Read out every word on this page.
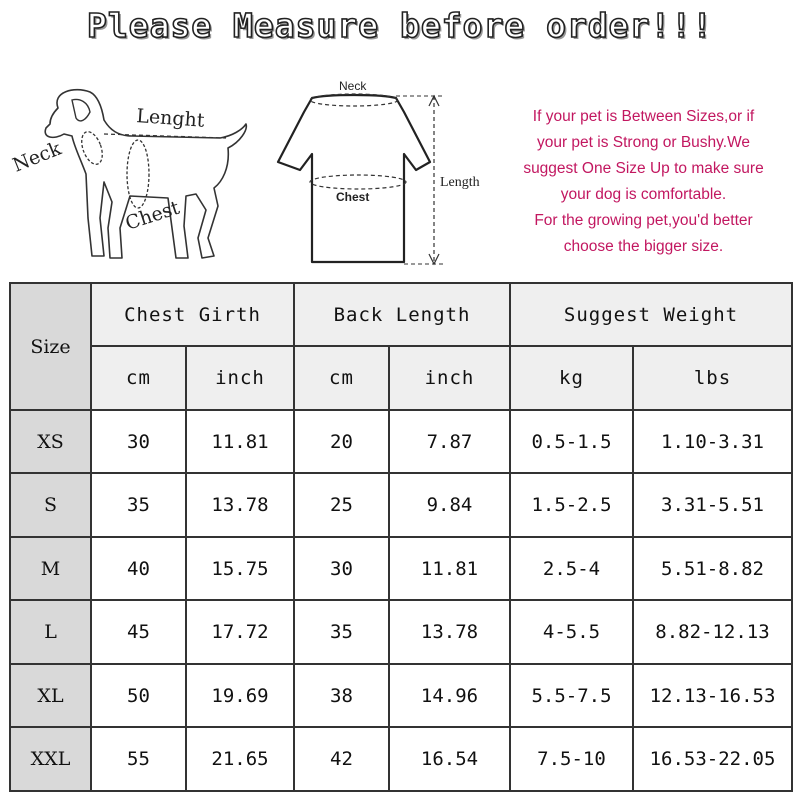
Please Measure before order!!!
Neck
Lenght
Chest
Neck
Chest
Length
If your pet is Between Sizes,or if
your pet is Strong or Bushy.We
suggest One Size Up to make sure
your dog is comfortable.
For the growing pet,you'd better
choose the bigger size.
Size	Chest Girth		Back Length		Suggest Weight	
	cm	inch	cm	inch	kg	lbs
XS	30	11.81	20	7.87	0.5-1.5	1.10-3.31
S	35	13.78	25	9.84	1.5-2.5	3.31-5.51
M	40	15.75	30	11.81	2.5-4	5.51-8.82
L	45	17.72	35	13.78	4-5.5	8.82-12.13
XL	50	19.69	38	14.96	5.5-7.5	12.13-16.53
XXL	55	21.65	42	16.54	7.5-10	16.53-22.05
